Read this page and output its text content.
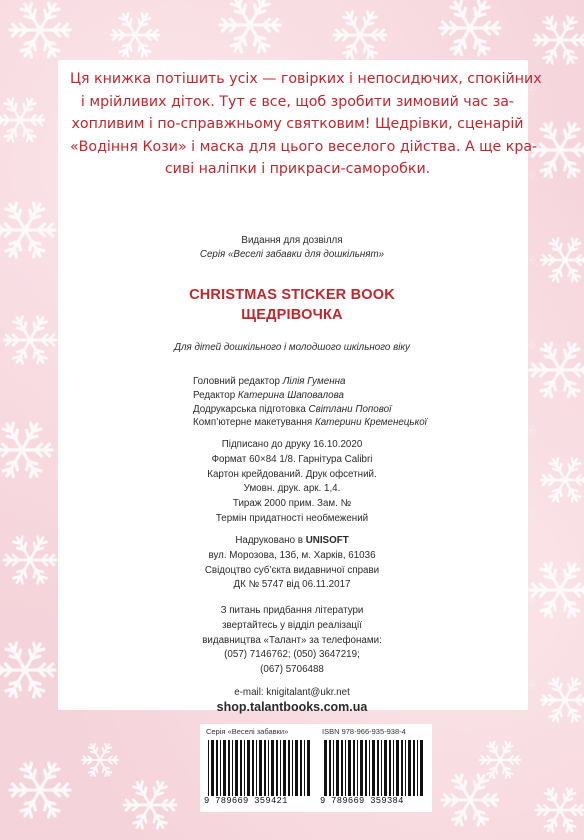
Ця книжка потішить усіх — говірких і непосидючих, спокійних
і мрійливих діток. Тут є все, щоб зробити зимовий час за-
хопливим і по-справжньому святковим! Щедрівки, сценарій
«Водіння Кози» і маска для цього веселого дійства. А ще кра-
сиві наліпки і прикраси-саморобки.
Видання для дозвілля
Серія «Веселі забавки для дошкільнят»
CHRISTMAS STICKER BOOK
ЩЕДРІВОЧКА
Для дітей дошкільного і молодшого шкільного віку
Головний редактор Лілія Гуменна
Редактор Катерина Шаповалова
Додрукарська підготовка Світлани Попової
Комп’ютерне макетування Катерини Кременецької
Підписано до друку 16.10.2020
Формат 60×84 1/8. Гарнітура Calibri
Картон крейдований. Друк офсетний.
Умовн. друк. арк. 1,4.
Тираж 2000 прим. Зам. №
Термін придатності необмежений
Надруковано в UNISOFT
вул. Морозова, 13б, м. Харків, 61036
Свідоцтво суб’єкта видавничої справи
ДК № 5747 від 06.11.2017
З питань придбання літератури
звертайтесь у відділ реалізації
видавництва «Талант» за телефонами:
(057) 7146762; (050) 3647219;
(067) 5706488
e-mail: knigitalant@ukr.net
shop.talantbooks.com.ua
Серія «Веселі забавки»	ISBN 978-966-935-938-4
9 789669 359421	9 789669 359384
